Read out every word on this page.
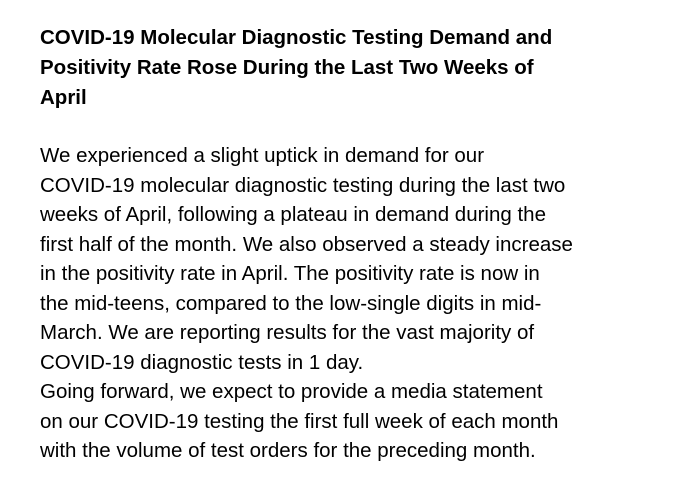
COVID-19 Molecular Diagnostic Testing Demand and
Positivity Rate Rose During the Last Two Weeks of
April
We experienced a slight uptick in demand for our
COVID-19 molecular diagnostic testing during the last two
weeks of April, following a plateau in demand during the
first half of the month. We also observed a steady increase
in the positivity rate in April. The positivity rate is now in
the mid-teens, compared to the low-single digits in mid-
March. We are reporting results for the vast majority of
COVID-19 diagnostic tests in 1 day.
Going forward, we expect to provide a media statement
on our COVID-19 testing the first full week of each month
with the volume of test orders for the preceding month.
